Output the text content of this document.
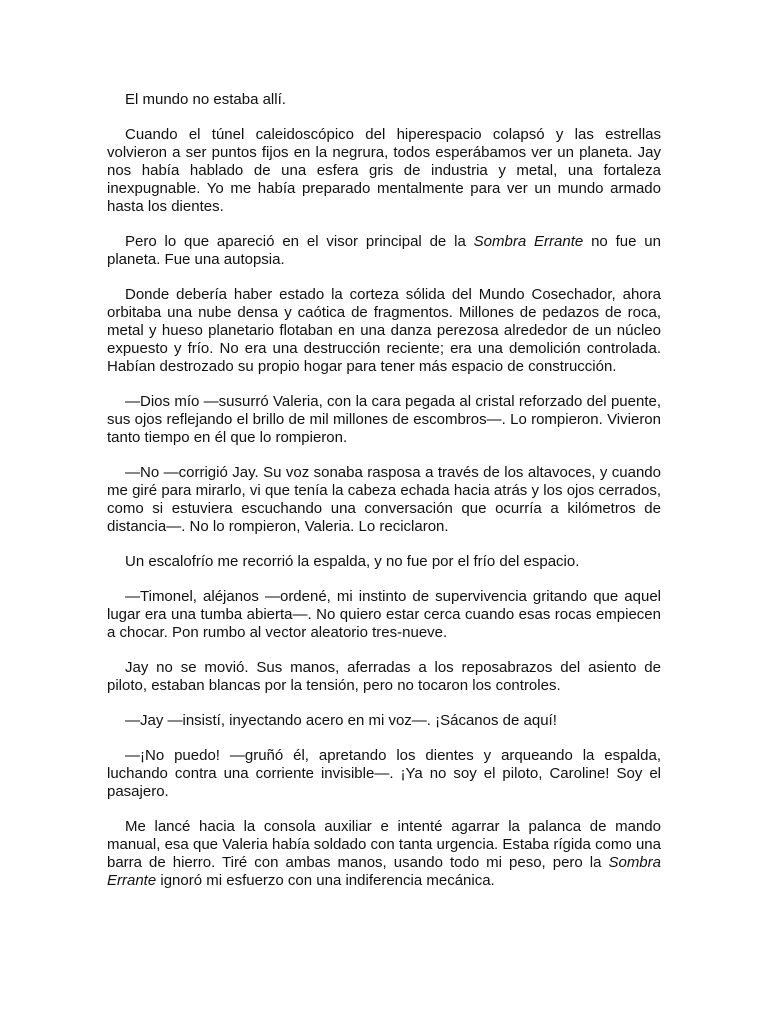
El mundo no estaba allí.

Cuando el túnel caleidoscópico del hiperespacio colapsó y las estrellas volvieron a ser puntos fijos en la negrura, todos esperábamos ver un planeta. Jay nos había hablado de una esfera gris de industria y metal, una fortaleza inexpugnable. Yo me había preparado mentalmente para ver un mundo armado hasta los dientes.

Pero lo que apareció en el visor principal de la Sombra Errante no fue un planeta. Fue una autopsia.

Donde debería haber estado la corteza sólida del Mundo Cosechador, ahora orbitaba una nube densa y caótica de fragmentos. Millones de pedazos de roca, metal y hueso planetario flotaban en una danza perezosa alrededor de un núcleo expuesto y frío. No era una destrucción reciente; era una demolición controlada. Habían destrozado su propio hogar para tener más espacio de construcción.

—Dios mío —susurró Valeria, con la cara pegada al cristal reforzado del puente, sus ojos reflejando el brillo de mil millones de escombros—. Lo rompieron. Vivieron tanto tiempo en él que lo rompieron.

—No —corrigió Jay. Su voz sonaba rasposa a través de los altavoces, y cuando me giré para mirarlo, vi que tenía la cabeza echada hacia atrás y los ojos cerrados, como si estuviera escuchando una conversación que ocurría a kilómetros de distancia—. No lo rompieron, Valeria. Lo reciclaron.

Un escalofrío me recorrió la espalda, y no fue por el frío del espacio.

—Timonel, aléjanos —ordené, mi instinto de supervivencia gritando que aquel lugar era una tumba abierta—. No quiero estar cerca cuando esas rocas empiecen a chocar. Pon rumbo al vector aleatorio tres-nueve.

Jay no se movió. Sus manos, aferradas a los reposabrazos del asiento de piloto, estaban blancas por la tensión, pero no tocaron los controles.

—Jay —insistí, inyectando acero en mi voz—. ¡Sácanos de aquí!

—¡No puedo! —gruñó él, apretando los dientes y arqueando la espalda, luchando contra una corriente invisible—. ¡Ya no soy el piloto, Caroline! Soy el pasajero.

Me lancé hacia la consola auxiliar e intenté agarrar la palanca de mando manual, esa que Valeria había soldado con tanta urgencia. Estaba rígida como una barra de hierro. Tiré con ambas manos, usando todo mi peso, pero la Sombra Errante ignoró mi esfuerzo con una indiferencia mecánica.
